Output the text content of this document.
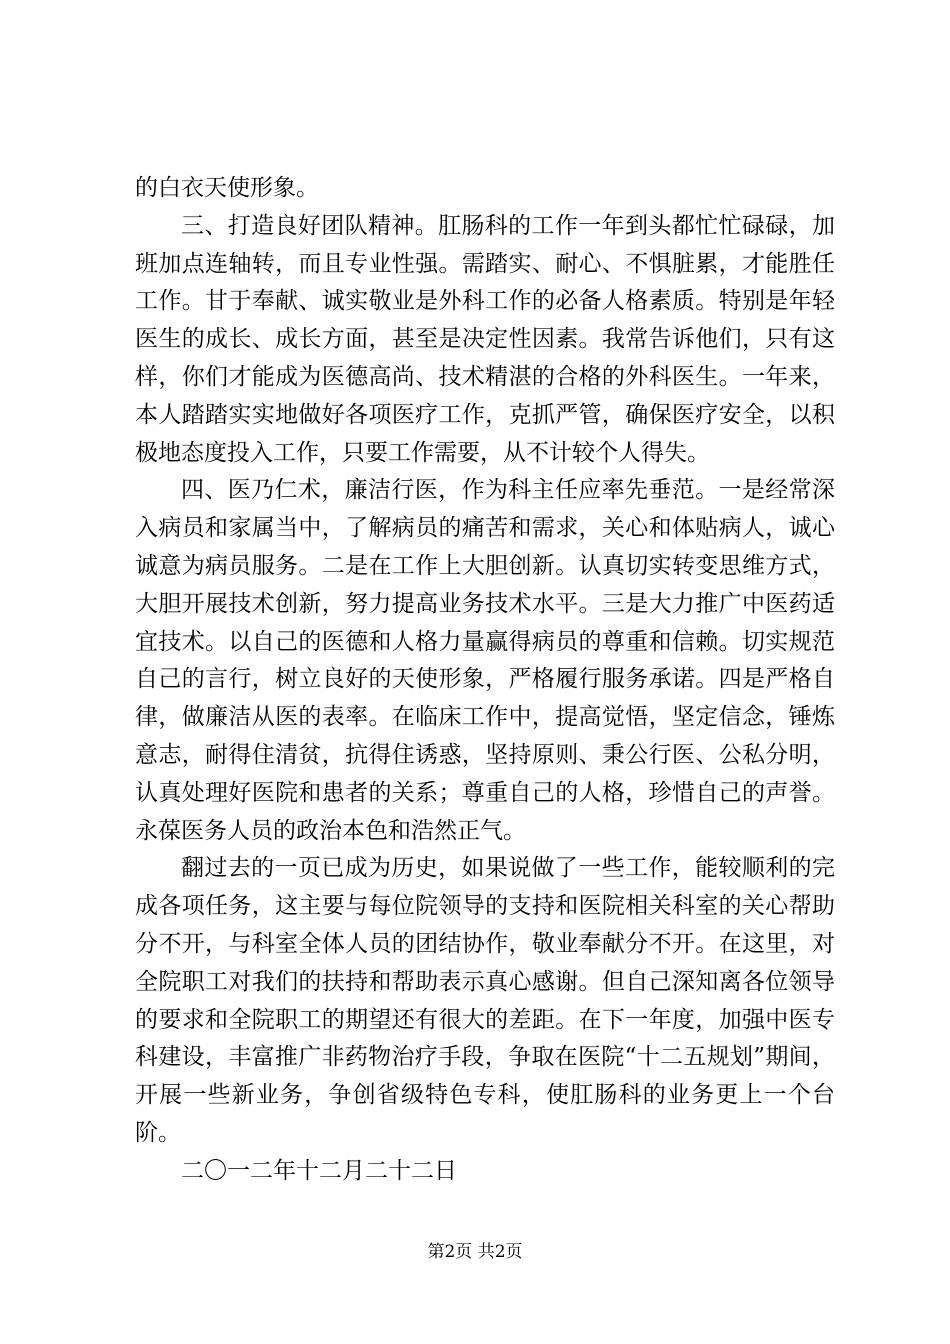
的白衣天使形象。

三、打造良好团队精神。肛肠科的工作一年到头都忙忙碌碌，加班加点连轴转，而且专业性强。需踏实、耐心、不惧脏累，才能胜任工作。甘于奉献、诚实敬业是外科工作的必备人格素质。特别是年轻医生的成长、成长方面，甚至是决定性因素。我常告诉他们，只有这样，你们才能成为医德高尚、技术精湛的合格的外科医生。一年来，本人踏踏实实地做好各项医疗工作，克抓严管，确保医疗安全，以积极地态度投入工作，只要工作需要，从不计较个人得失。

四、医乃仁术，廉洁行医，作为科主任应率先垂范。一是经常深入病员和家属当中，了解病员的痛苦和需求，关心和体贴病人，诚心诚意为病员服务。二是在工作上大胆创新。认真切实转变思维方式，大胆开展技术创新，努力提高业务技术水平。三是大力推广中医药适宜技术。以自己的医德和人格力量赢得病员的尊重和信赖。切实规范自己的言行，树立良好的天使形象，严格履行服务承诺。四是严格自律，做廉洁从医的表率。在临床工作中，提高觉悟，坚定信念，锤炼意志，耐得住清贫，抗得住诱惑，坚持原则、秉公行医、公私分明，认真处理好医院和患者的关系；尊重自己的人格，珍惜自己的声誉。永葆医务人员的政治本色和浩然正气。

翻过去的一页已成为历史，如果说做了一些工作，能较顺利的完成各项任务，这主要与每位院领导的支持和医院相关科室的关心帮助分不开，与科室全体人员的团结协作，敬业奉献分不开。在这里，对全院职工对我们的扶持和帮助表示真心感谢。但自己深知离各位领导的要求和全院职工的期望还有很大的差距。在下一年度，加强中医专科建设，丰富推广非药物治疗手段，争取在医院“十二五规划”期间，开展一些新业务，争创省级特色专科，使肛肠科的业务更上一个台阶。

二〇一二年十二月二十二日

第2页 共2页
